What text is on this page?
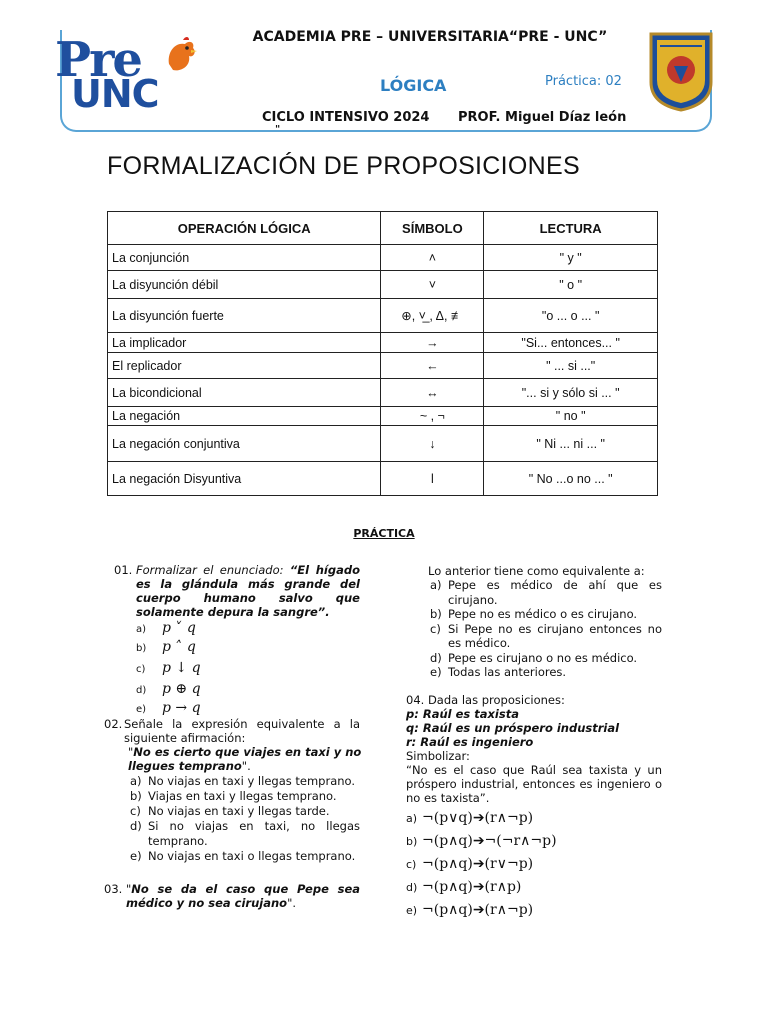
Pre
UNC
ACADEMIA PRE – UNIVERSITARIA“PRE - UNC”
LÓGICA	Práctica: 02
CICLO INTENSIVO 2024 PROF. Miguel Díaz león
"
FORMALIZACIÓN DE PROPOSICIONES
OPERACIÓN LÓGICA	SÍMBOLO	LECTURA
La conjunción	˄	" y "
La disyunción débil	˅	" o "
La disyunción fuerte	⊕, ˅̲ , Δ, ≢	"o ... o ... "
La implicador	→	"Si... entonces... "
El replicador	←	" ... si ..."
La bicondicional	↔	"... si y sólo si ... "
La negación	~ , ¬	" no "
La negación conjuntiva	↓	" Ni ... ni ... "
La negación Disyuntiva	ǀ	" No ...o no ... "
PRÁCTICA
01. Formalizar el enunciado: “El hígado es la glándula más grande del cuerpo humano salvo que solamente depura la sangre”.
a)	p ˅ q
b)	p ˄ q
c)	p ↓ q
d)	p ⊕ q
e)	p → q
02. Señale la expresión equivalente a la siguiente afirmación:
"No es cierto que viajes en taxi y no llegues temprano".
a) No viajas en taxi y llegas temprano.
b) Viajas en taxi y llegas temprano.
c) No viajas en taxi y llegas tarde.
d) Si no viajas en taxi, no llegas temprano.
e) No viajas en taxi o llegas temprano.
03. "No se da el caso que Pepe sea médico y no sea cirujano".
Lo anterior tiene como equivalente a:
a) Pepe es médico de ahí que es cirujano.
b) Pepe no es médico o es cirujano.
c) Si Pepe no es cirujano entonces no es médico.
d) Pepe es cirujano o no es médico.
e) Todas las anteriores.
04. Dada las proposiciones:
p: Raúl es taxista
q: Raúl es un próspero industrial
r: Raúl es ingeniero
Simbolizar:
“No es el caso que Raúl sea taxista y un próspero industrial, entonces es ingeniero o no es taxista”.
a) ¬(p∨q)➔(r∧¬p)
b) ¬(p∧q)➔¬(¬r∧¬p)
c) ¬(p∧q)➔(r∨¬p)
d) ¬(p∧q)➔(r∧p)
e) ¬(p∧q)➔(r∧¬p)
